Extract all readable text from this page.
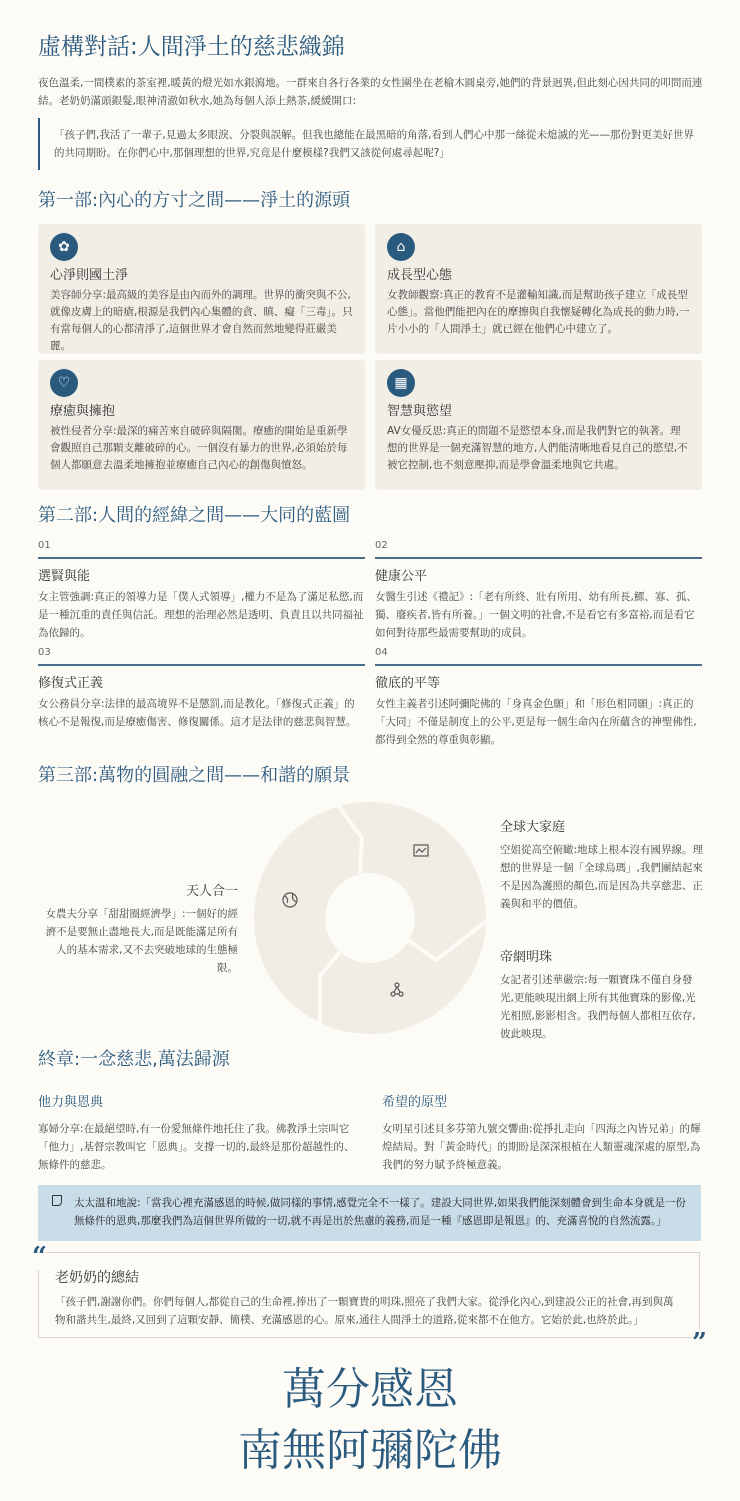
虛構對話:人間淨土的慈悲織錦

夜色溫柔,一間樸素的茶室裡,暖黃的燈光如水銀瀉地。一群來自各行各業的女性圍坐在老榆木圓桌旁,她們的背景迥異,但此刻心因共同的叩問而連結。老奶奶滿頭銀髮,眼神清澈如秋水,她為每個人添上熱茶,緩緩開口:

「孩子們,我活了一輩子,見過太多眼淚、分裂與誤解。但我也總能在最黑暗的角落,看到人們心中那一絲從未熄滅的光——那份對更美好世界的共同期盼。在你們心中,那個理想的世界,究竟是什麼模樣?我們又該從何處尋起呢?」

第一部:內心的方寸之間——淨土的源頭
✿
心淨則國土淨

美容師分享:最高級的美容是由內而外的調理。世界的衝突與不公,就像皮膚上的暗瘡,根源是我們內心集體的貪、瞋、癡「三毒」。只有當每個人的心都清淨了,這個世界才會自然而然地變得莊嚴美麗。

⌂
成長型心態

女教師觀察:真正的教育不是灌輸知識,而是幫助孩子建立「成長型心態」。當他們能把內在的摩擦與自我懷疑轉化為成長的動力時,一片小小的「人間淨土」就已經在他們心中建立了。

♡
療癒與擁抱

被性侵者分享:最深的痛苦來自破碎與隔閡。療癒的開始是重新學會觀照自己那顆支離破碎的心。一個沒有暴力的世界,必須始於每個人都願意去溫柔地擁抱並療癒自己內心的創傷與憤怒。

▦
智慧與慾望

AV女優反思:真正的問題不是慾望本身,而是我們對它的執著。理想的世界是一個充滿智慧的地方,人們能清晰地看見自己的慾望,不被它控制,也不刻意壓抑,而是學會溫柔地與它共處。

第二部:人間的經緯之間——大同的藍圖
01
選賢與能

女主管強調:真正的領導力是「僕人式領導」,權力不是為了滿足私慾,而是一種沉重的責任與信託。理想的治理必然是透明、負責且以共同福祉為依歸的。

02
健康公平

女醫生引述《禮記》:「老有所終、壯有所用、幼有所長,鰥、寡、孤、獨、廢疾者,皆有所養。」一個文明的社會,不是看它有多富裕,而是看它如何對待那些最需要幫助的成員。

03
修復式正義

女公務員分享:法律的最高境界不是懲罰,而是教化。「修復式正義」的核心不是報復,而是療癒傷害、修復關係。這才是法律的慈悲與智慧。

04
徹底的平等

女性主義者引述阿彌陀佛的「身真金色願」和「形色相同願」:真正的「大同」不僅是制度上的公平,更是每一個生命內在所蘊含的神聖佛性,都得到全然的尊重與彰顯。

第三部:萬物的圓融之間——和諧的願景
天人合一

女農夫分享「甜甜圈經濟學」:一個好的經濟不是要無止盡地長大,而是既能滿足所有人的基本需求,又不去突破地球的生態極限。

全球大家庭

空姐從高空俯瞰:地球上根本沒有國界線。理想的世界是一個「全球烏瑪」,我們團結起來不是因為護照的顏色,而是因為共享慈悲、正義與和平的價值。

帝網明珠

女記者引述華嚴宗:每一顆寶珠不僅自身發光,更能映現出網上所有其他寶珠的影像,光光相照,影影相含。我們每個人都相互依存,彼此映現。

終章:一念慈悲,萬法歸源
他力與恩典

寡婦分享:在最絕望時,有一份愛無條件地托住了我。佛教淨土宗叫它「他力」,基督宗教叫它「恩典」。支撐一切的,最終是那份超越性的、無條件的慈悲。

希望的原型

女明星引述貝多芬第九號交響曲:從掙扎走向「四海之內皆兄弟」的輝煌結局。對「黃金時代」的期盼是深深根植在人類靈魂深處的原型,為我們的努力賦予終極意義。

太太溫和地說:「當我心裡充滿感恩的時候,做同樣的事情,感覺完全不一樣了。建設大同世界,如果我們能深刻體會到生命本身就是一份無條件的恩典,那麼我們為這個世界所做的一切,就不再是出於焦慮的義務,而是一種『感恩即是報恩』的、充滿喜悅的自然流露。」

老奶奶的總結

「孩子們,謝謝你們。你們每個人,都從自己的生命裡,捧出了一顆寶貴的明珠,照亮了我們大家。從淨化內心,到建設公正的社會,再到與萬物和諧共生,最終,又回到了這顆安靜、簡樸、充滿感恩的心。原來,通往人間淨土的道路,從來都不在他方。它始於此,也終於此。」

“
”
萬分感恩
南無阿彌陀佛
